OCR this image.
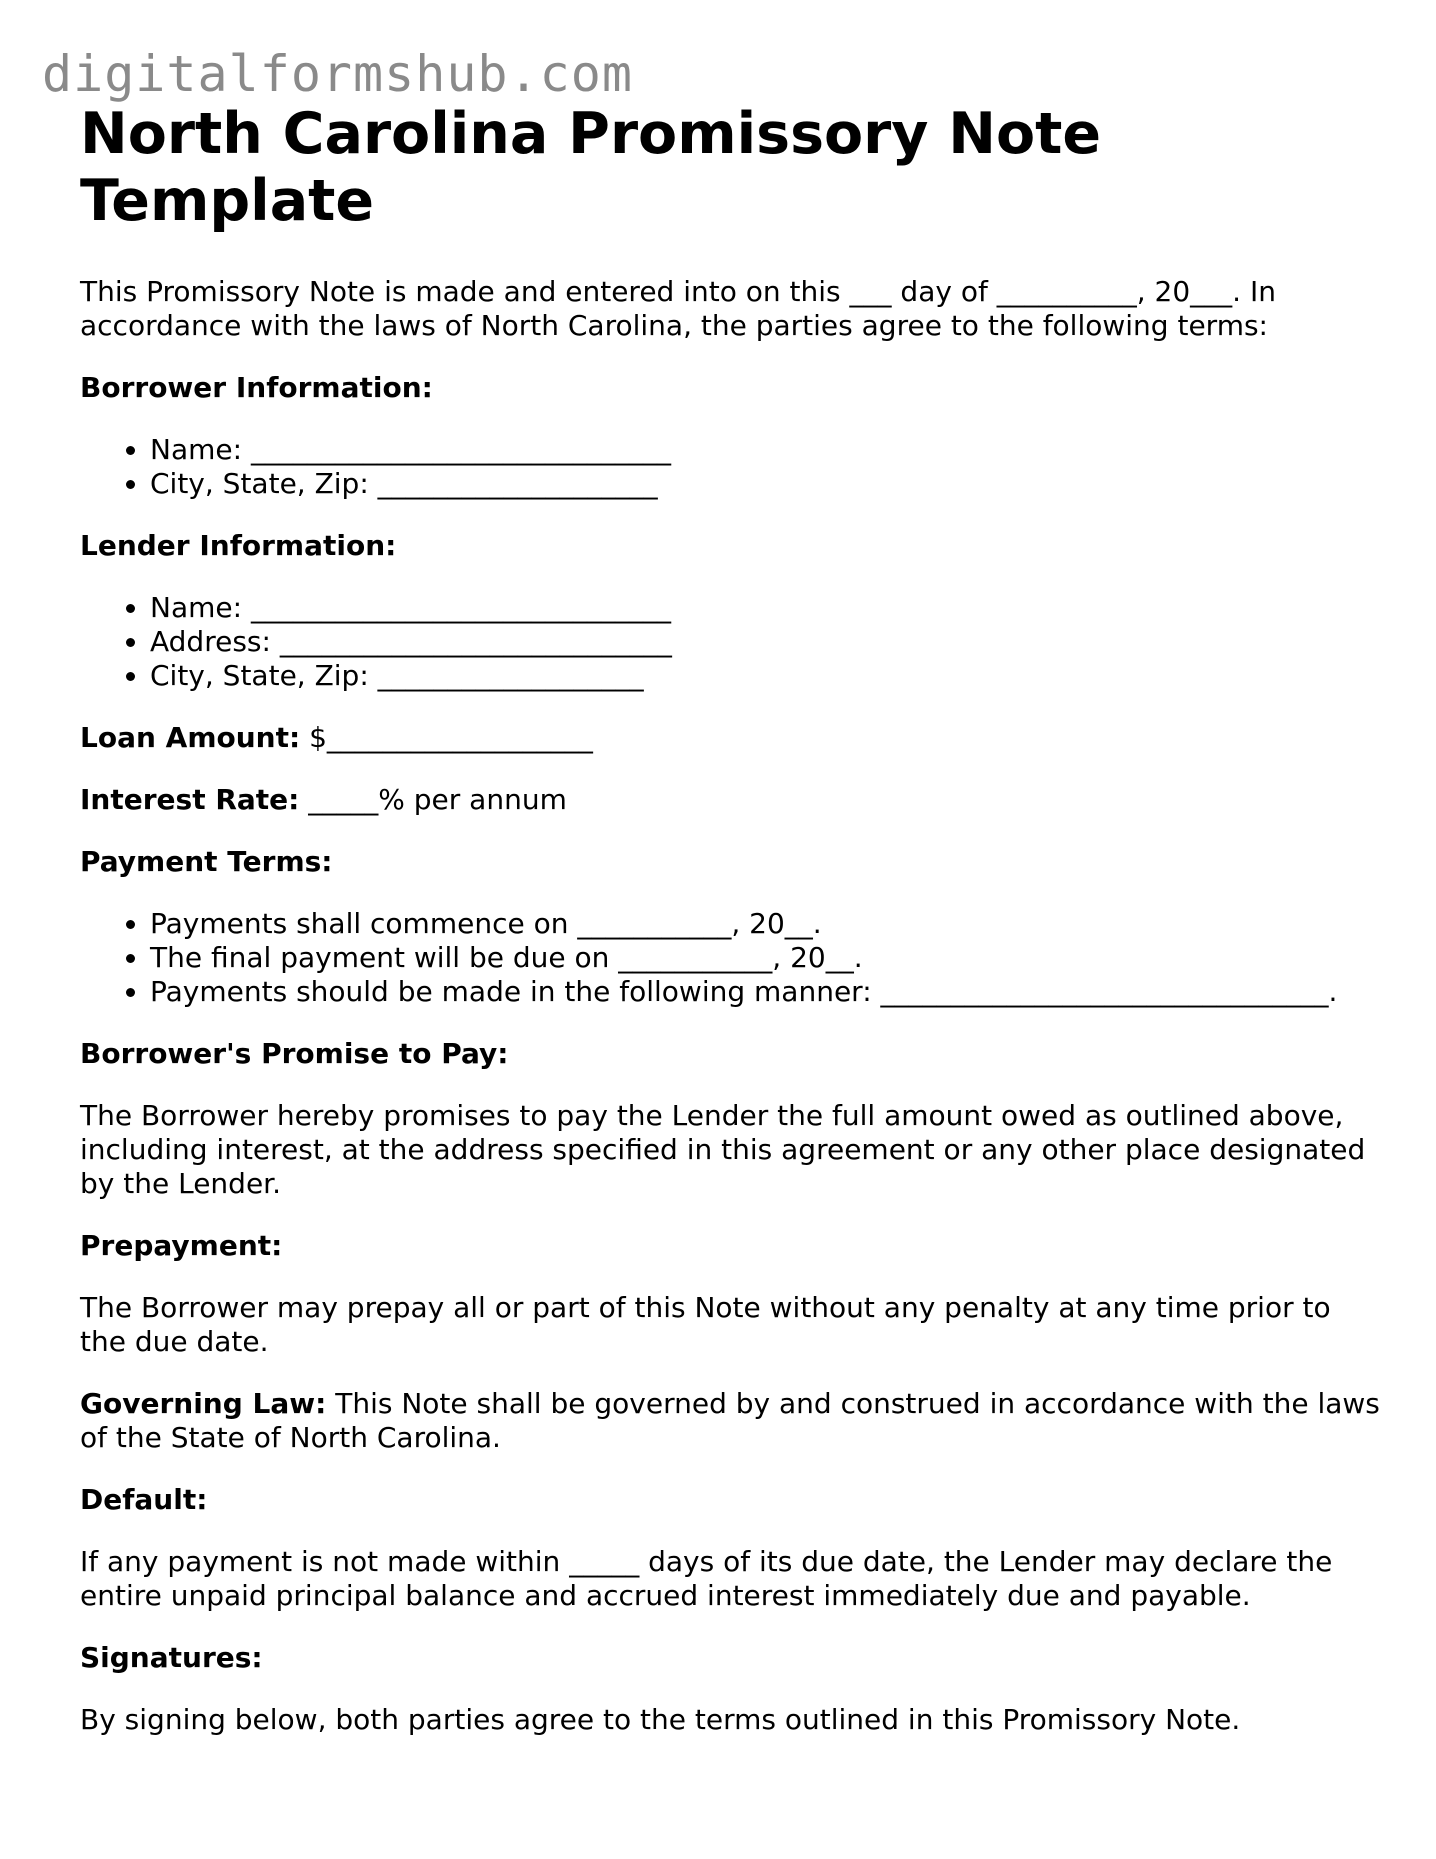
digitalformshub.com

North Carolina Promissory Note Template

This Promissory Note is made and entered into on this ___ day of __________, 20___. In accordance with the laws of North Carolina, the parties agree to the following terms:

Borrower Information:

• Name: ______________________________
• City, State, Zip: ____________________

Lender Information:

• Name: ______________________________
• Address: ____________________________
• City, State, Zip: ___________________

Loan Amount: $___________________

Interest Rate: _____% per annum

Payment Terms:

• Payments shall commence on ___________, 20__.
• The final payment will be due on ___________, 20__.
• Payments should be made in the following manner: ________________________________.

Borrower's Promise to Pay:

The Borrower hereby promises to pay the Lender the full amount owed as outlined above, including interest, at the address specified in this agreement or any other place designated by the Lender.

Prepayment:

The Borrower may prepay all or part of this Note without any penalty at any time prior to the due date.

Governing Law: This Note shall be governed by and construed in accordance with the laws of the State of North Carolina.

Default:

If any payment is not made within _____ days of its due date, the Lender may declare the entire unpaid principal balance and accrued interest immediately due and payable.

Signatures:

By signing below, both parties agree to the terms outlined in this Promissory Note.
